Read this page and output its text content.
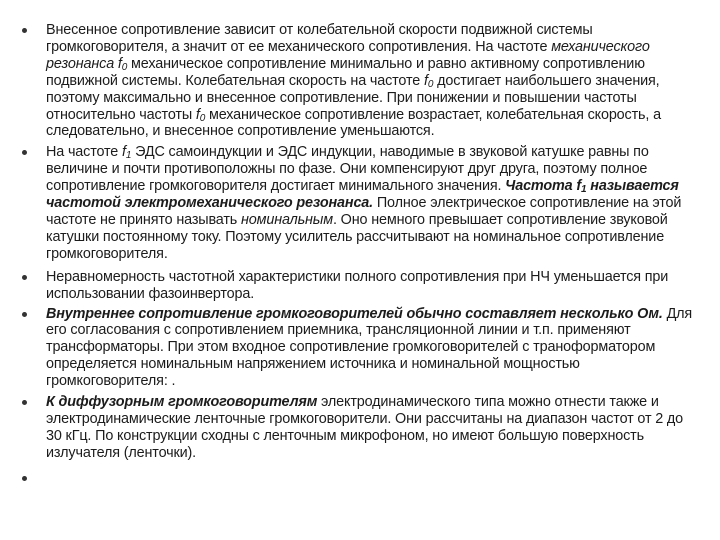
Внесенное сопротивление зависит от колебательной скорости подвижной системы громкоговорителя, а значит от ее механического сопротивления. На частоте механического резонанса $f_0$ механическое сопротивление минимально и равно активному сопротивлению подвижной системы. Колебательная скорость на частоте $f_0$ достигает наибольшего значения, поэтому максимально и внесенное сопротивление. При понижении и повышении частоты относительно частоты $f_0$ механическое сопротивление возрастает, колебательная скорость, а следовательно, и внесенное сопротивление уменьшаются.
На частоте $f_1$ ЭДС самоиндукции и ЭДС индукции, наводимые в звуковой катушке равны по величине и почти противоположны по фазе. Они компенсируют друг друга, поэтому полное сопротивление громкоговорителя достигает минимального значения. Частота $f_1$ называется частотой электромеханического резонанса. Полное электрическое сопротивление на этой частоте не принято называть номинальным. Оно немного превышает сопротивление звуковой катушки постоянному току. Поэтому усилитель рассчитывают на номинальное сопротивление громкоговорителя.
Неравномерность частотной характеристики полного сопротивления при НЧ уменьшается при использовании фазоинвертора.
Внутреннее сопротивление громкоговорителей обычно составляет несколько Ом. Для его согласования с сопротивлением приемника, трансляционной линии и т.п. применяют трансформаторы. При этом входное сопротивление громкоговорителей с траноформатором определяется номинальным напряжением источника и номинальной мощностью громкоговорителя: .
К диффузорным громкоговорителям электродинамического типа можно отнести также и электродинамические ленточные громкоговорители. Они рассчитаны на диапазон частот от 2 до 30 кГц. По конструкции сходны с ленточным микрофоном, но имеют большую поверхность излучателя (ленточки).
